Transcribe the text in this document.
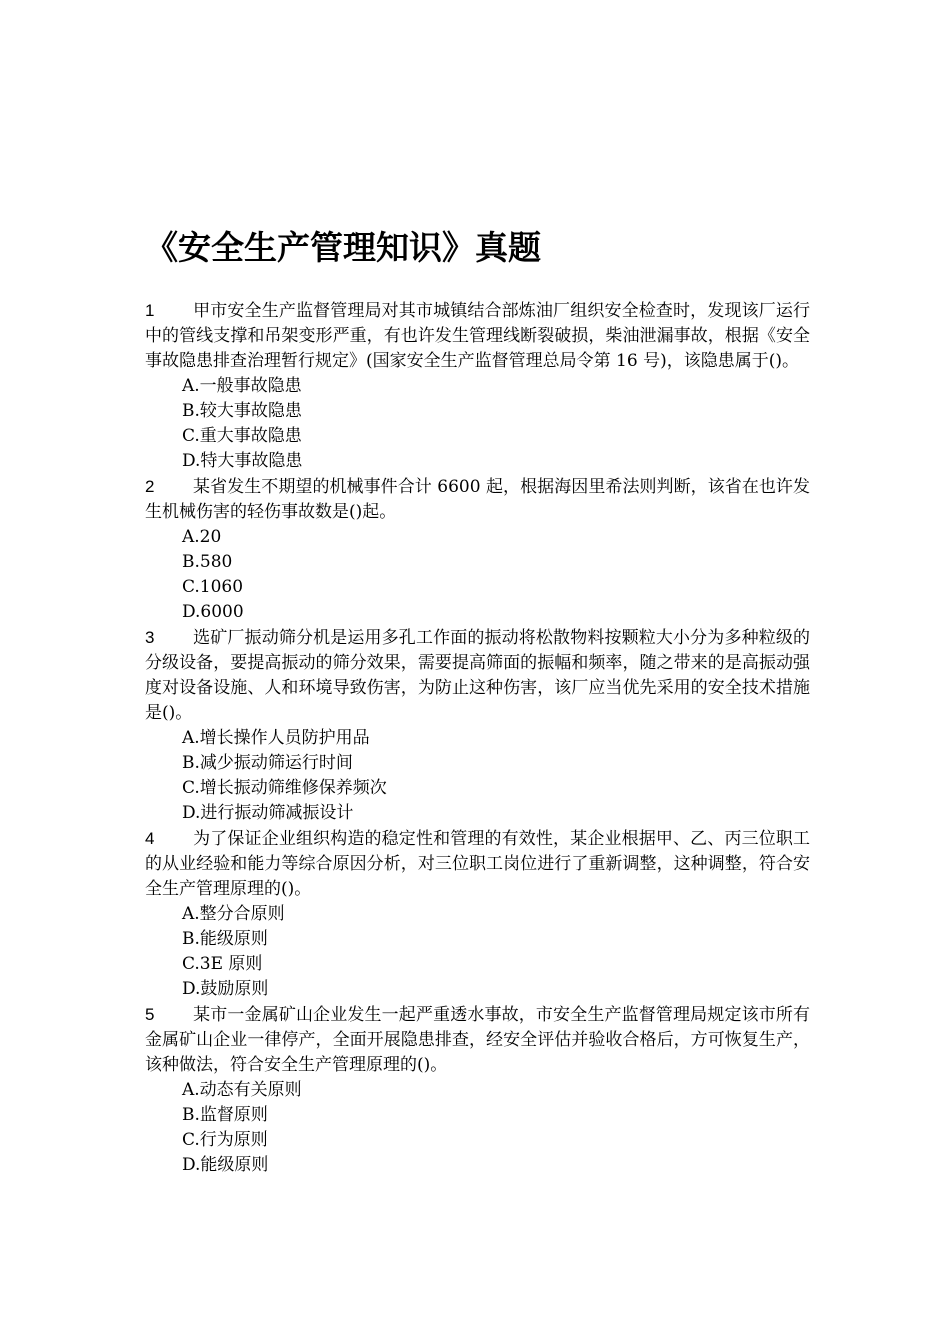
《安全生产管理知识》真题

1 甲市安全生产监督管理局对其市城镇结合部炼油厂组织安全检查时，发现该厂运行中的管线支撑和吊架变形严重，有也许发生管理线断裂破损，柴油泄漏事故，根据《安全事故隐患排查治理暂行规定》(国家安全生产监督管理总局令第 16 号)，该隐患属于()。

A.一般事故隐患
B.较大事故隐患
C.重大事故隐患
D.特大事故隐患

2 某省发生不期望的机械事件合计 6600 起，根据海因里希法则判断，该省在也许发生机械伤害的轻伤事故数是()起。

A.20
B.580
C.1060
D.6000

3 选矿厂振动筛分机是运用多孔工作面的振动将松散物料按颗粒大小分为多种粒级的分级设备，要提高振动的筛分效果，需要提高筛面的振幅和频率，随之带来的是高振动强度对设备设施、人和环境导致伤害，为防止这种伤害，该厂应当优先采用的安全技术措施是()。

A.增长操作人员防护用品
B.减少振动筛运行时间
C.增长振动筛维修保养频次
D.进行振动筛减振设计

4 为了保证企业组织构造的稳定性和管理的有效性，某企业根据甲、乙、丙三位职工的从业经验和能力等综合原因分析，对三位职工岗位进行了重新调整，这种调整，符合安全生产管理原理的()。

A.整分合原则
B.能级原则
C.3E 原则
D.鼓励原则

5 某市一金属矿山企业发生一起严重透水事故，市安全生产监督管理局规定该市所有金属矿山企业一律停产，全面开展隐患排查，经安全评估并验收合格后，方可恢复生产，该种做法，符合安全生产管理原理的()。

A.动态有关原则
B.监督原则
C.行为原则
D.能级原则
